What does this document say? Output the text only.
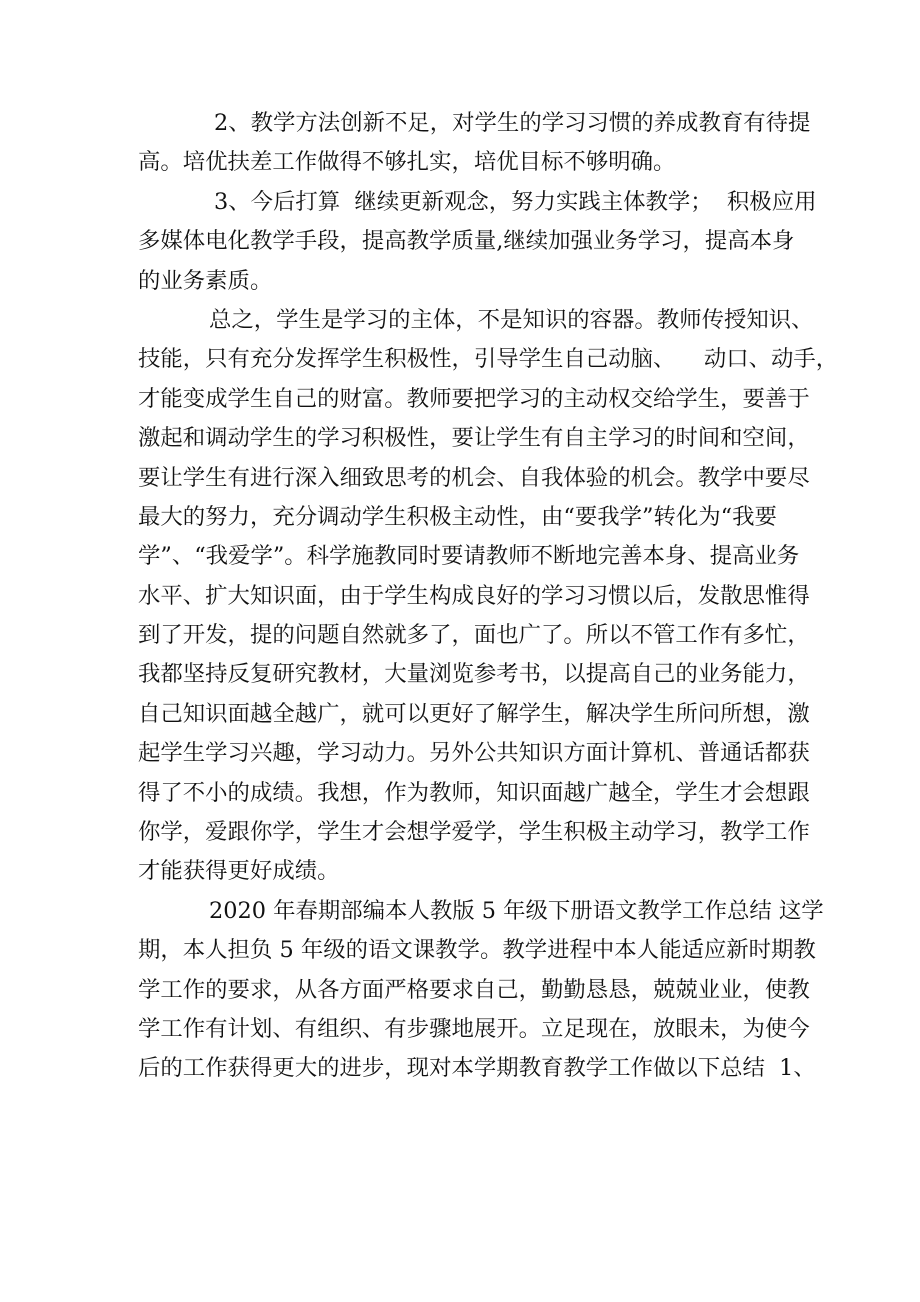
2、教学方法创新不足，对学生的学习习惯的养成教育有待提
高。培优扶差工作做得不够扎实，培优目标不够明确。
3、今后打算  继续更新观念，努力实践主体教学；  积极应用
多媒体电化教学手段，提高教学质量,继续加强业务学习，提高本身
的业务素质。
总之，学生是学习的主体，不是知识的容器。教师传授知识、
技能，只有充分发挥学生积极性，引导学生自己动脑、    动口、动手，
才能变成学生自己的财富。教师要把学习的主动权交给学生，要善于
激起和调动学生的学习积极性，要让学生有自主学习的时间和空间，
要让学生有进行深入细致思考的机会、自我体验的机会。教学中要尽
最大的努力，充分调动学生积极主动性，由“要我学”转化为“我要
学”、“我爱学”。科学施教同时要请教师不断地完善本身、提高业务
水平、扩大知识面，由于学生构成良好的学习习惯以后，发散思惟得
到了开发，提的问题自然就多了，面也广了。所以不管工作有多忙，
我都坚持反复研究教材，大量浏览参考书，以提高自己的业务能力，
自己知识面越全越广，就可以更好了解学生，解决学生所问所想，激
起学生学习兴趣，学习动力。另外公共知识方面计算机、普通话都获
得了不小的成绩。我想，作为教师，知识面越广越全，学生才会想跟
你学，爱跟你学，学生才会想学爱学，学生积极主动学习，教学工作
才能获得更好成绩。
2020 年春期部编本人教版 5 年级下册语文教学工作总结 这学
期，本人担负 5 年级的语文课教学。教学进程中本人能适应新时期教
学工作的要求，从各方面严格要求自己，勤勤恳恳，兢兢业业，使教
学工作有计划、有组织、有步骤地展开。立足现在，放眼未，为使今
后的工作获得更大的进步，现对本学期教育教学工作做以下总结  1、
